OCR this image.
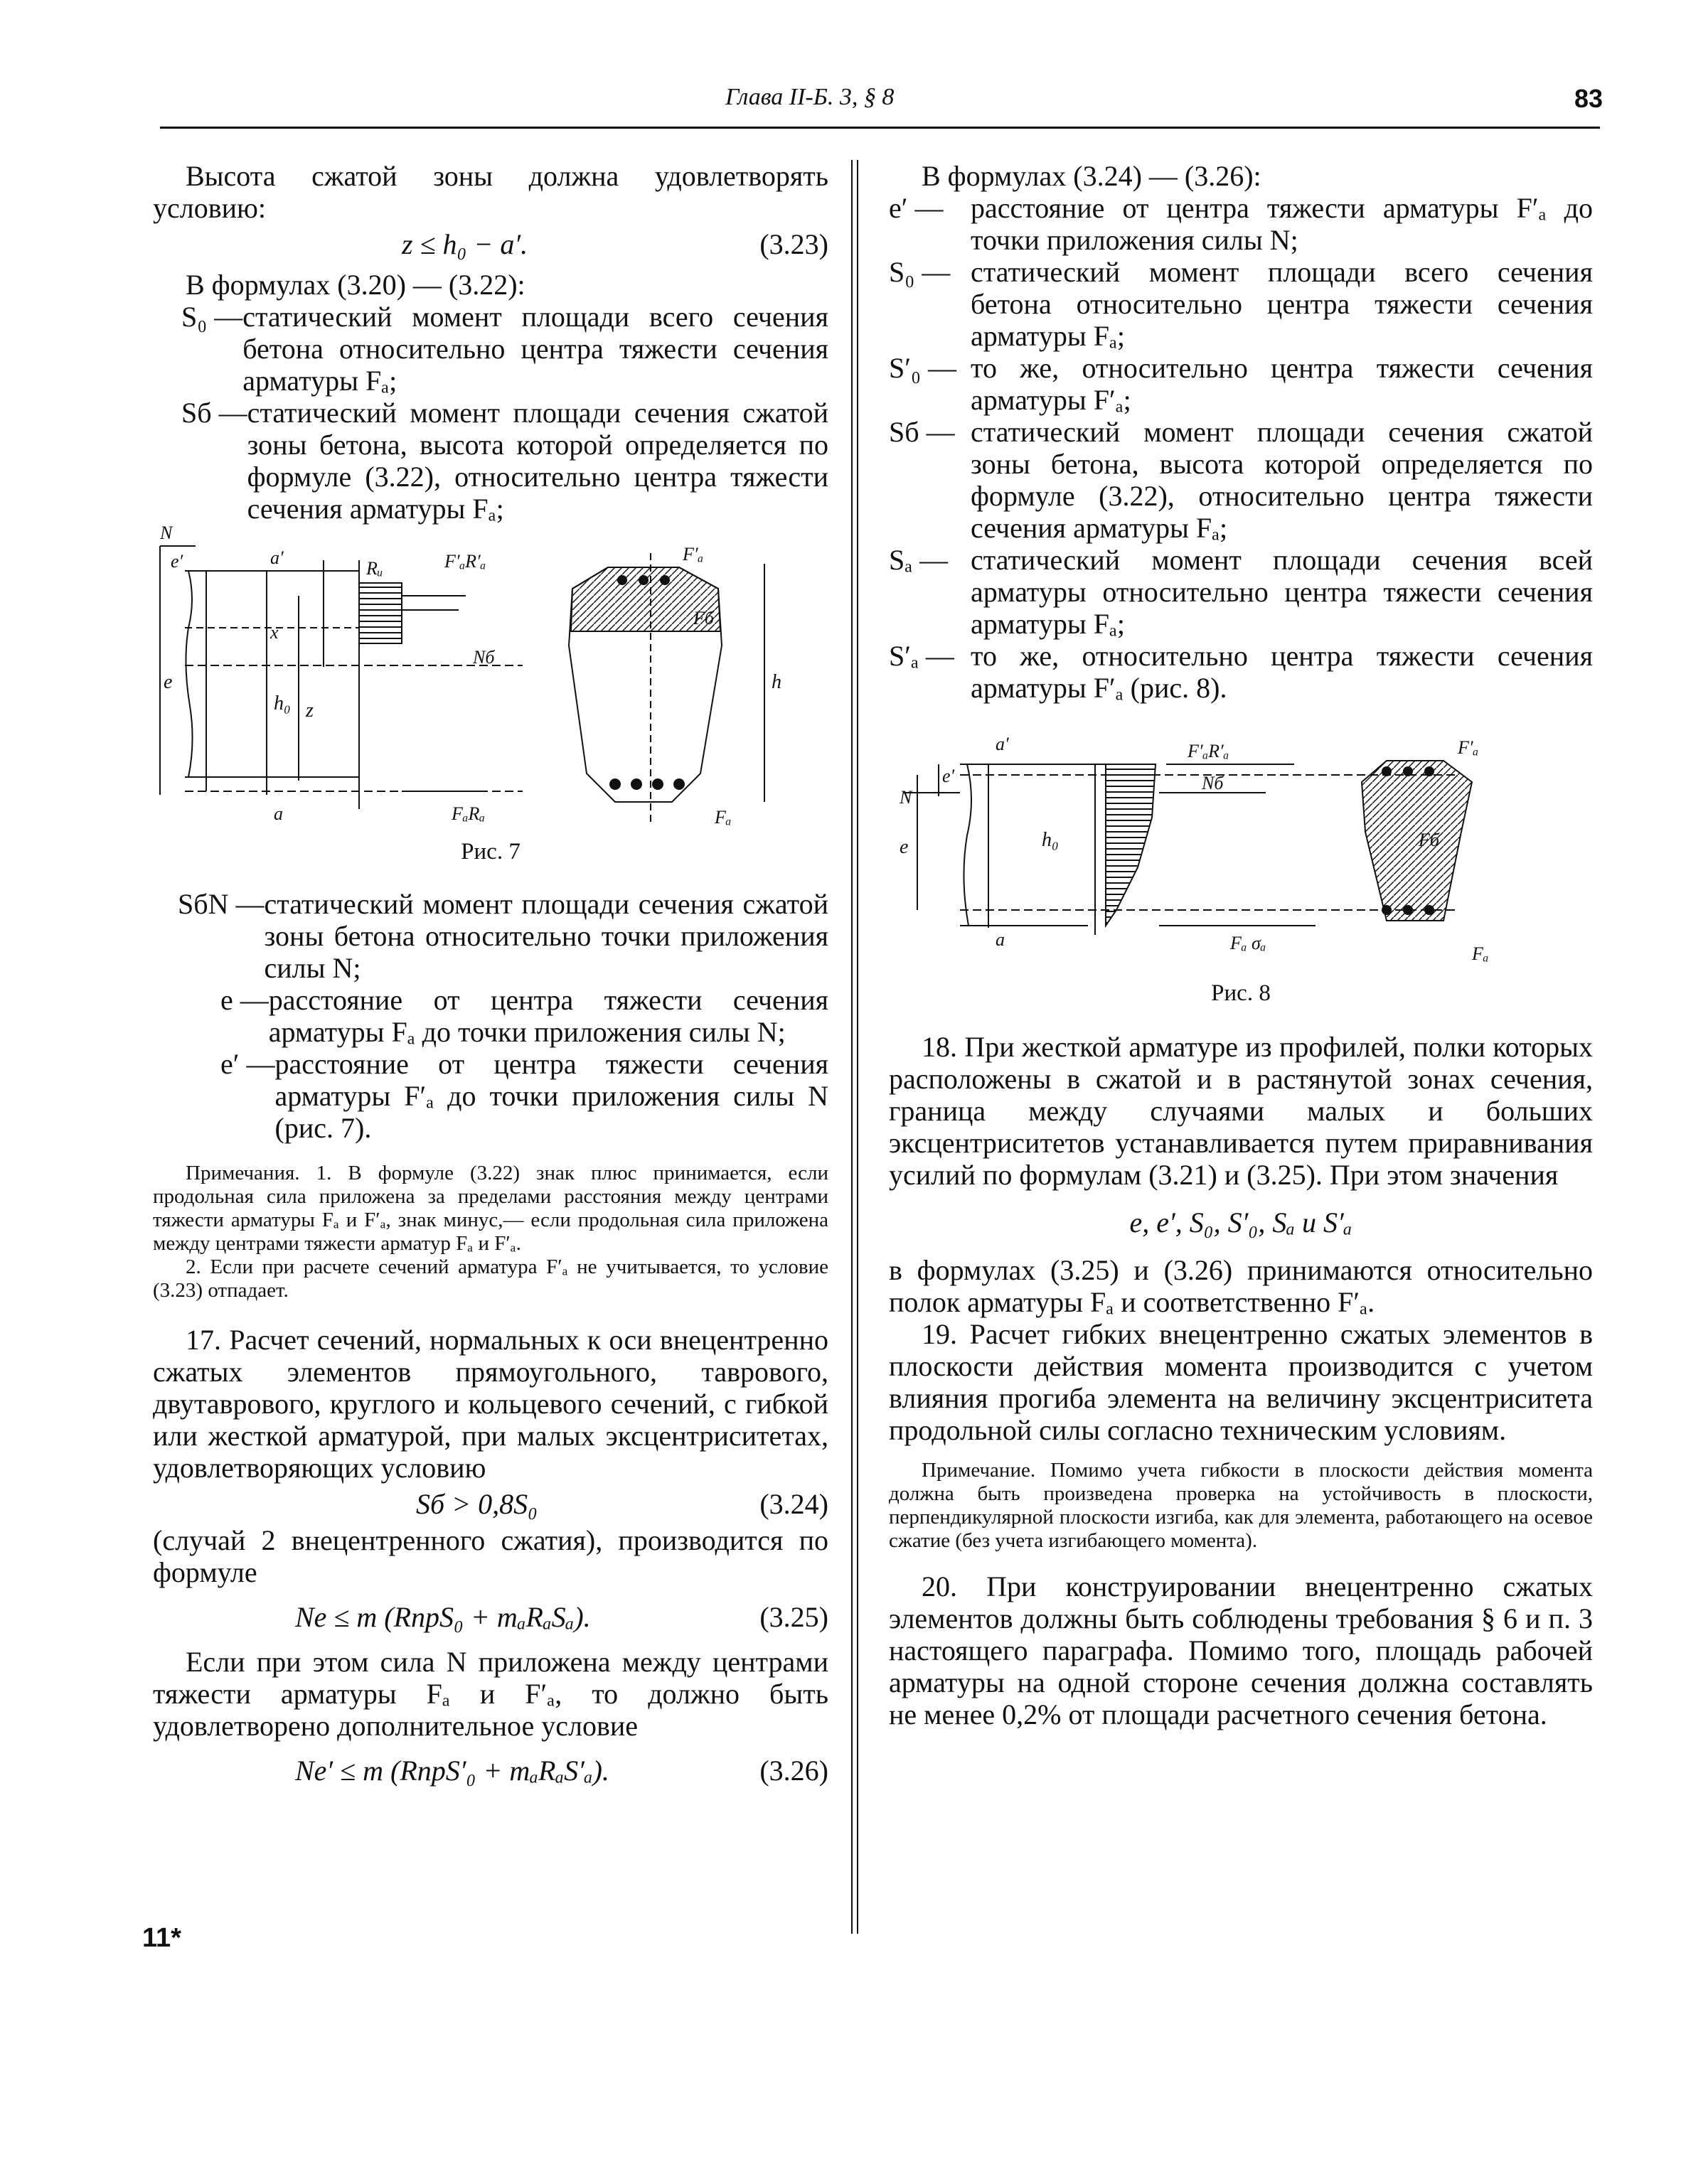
Глава II-Б. 3, § 8	83

Высота сжатой зоны должна удовлетворять условию:

z ≤ h₀ − a′.	(3.23)

В формулах (3.20) — (3.22):

S₀ — статический момент площади всего сечения бетона относительно центра тяжести сечения арматуры Fₐ;
Sб — статический момент площади сечения сжатой зоны бетона, высота которой определяется по формуле (3.22), относительно центра тяжести сечения арматуры Fₐ;
N
e′	a′
Rᵤ	F′ₐR′ₐ	F′ₐ
x
Fб
Nб
e
h₀ z
h
a	FₐRₐ	Fₐ
Рис. 7
SбN — статический момент площади сечения сжатой зоны бетона относительно точки приложения силы N;
e — расстояние от центра тяжести сечения арматуры Fₐ до точки приложения силы N;
e′ — расстояние от центра тяжести сечения арматуры F′ₐ до точки приложения силы N (рис. 7).

Примечания. 1. В формуле (3.22) знак плюс принимается, если продольная сила приложена за пределами расстояния между центрами тяжести арматуры Fₐ и F′ₐ, знак минус,— если продольная сила приложена между центрами тяжести арматур Fₐ и F′ₐ.

2. Если при расчете сечений арматура F′ₐ не учитывается, то условие (3.23) отпадает.

17. Расчет сечений, нормальных к оси внецентренно сжатых элементов прямоугольного, таврового, двутаврового, круглого и кольцевого сечений, с гибкой или жесткой арматурой, при малых эксцентриситетах, удовлетворяющих условию

Sб > 0,8S₀	(3.24)

(случай 2 внецентренного сжатия), производится по формуле

Ne ≤ m (RпрS₀ + mₐRₐSₐ).	(3.25)

Если при этом сила N приложена между центрами тяжести арматуры Fₐ и F′ₐ, то должно быть удовлетворено дополнительное условие

Ne′ ≤ m (RпрS′₀ + mₐRₐS′ₐ).	(3.26)
11*

В формулах (3.24) — (3.26):

e′ — расстояние от центра тяжести арматуры F′ₐ до точки приложения силы N;
S₀ — статический момент площади всего сечения бетона относительно центра тяжести сечения арматуры Fₐ;
S′₀ — то же, относительно центра тяжести сечения арматуры F′ₐ;
Sб — статический момент площади сечения сжатой зоны бетона, высота которой определяется по формуле (3.22), относительно центра тяжести сечения арматуры Fₐ;
Sₐ — статический момент площади сечения всей арматуры относительно центра тяжести сечения арматуры Fₐ;
S′ₐ — то же, относительно центра тяжести сечения арматуры F′ₐ (рис. 8).
a′
e′
F′ₐR′ₐ	F′ₐ
N
Nб
Fб
e	h₀
a	Fₐ σₐ
Fₐ
Рис. 8

18. При жесткой арматуре из профилей, полки которых расположены в сжатой и в растянутой зонах сечения, граница между случаями малых и больших эксцентриситетов устанавливается путем приравнивания усилий по формулам (3.21) и (3.25). При этом значения

e, e′, S₀, S′₀, Sₐ и S′ₐ

в формулах (3.25) и (3.26) принимаются относительно полок арматуры Fₐ и соответственно F′ₐ.

19. Расчет гибких внецентренно сжатых элементов в плоскости действия момента производится с учетом влияния прогиба элемента на величину эксцентриситета продольной силы согласно техническим условиям.

Примечание. Помимо учета гибкости в плоскости действия момента должна быть произведена проверка на устойчивость в плоскости, перпендикулярной плоскости изгиба, как для элемента, работающего на осевое сжатие (без учета изгибающего момента).

20. При конструировании внецентренно сжатых элементов должны быть соблюдены требования § 6 и п. 3 настоящего параграфа. Помимо того, площадь рабочей арматуры на одной стороне сечения должна составлять не менее 0,2% от площади расчетного сечения бетона.
